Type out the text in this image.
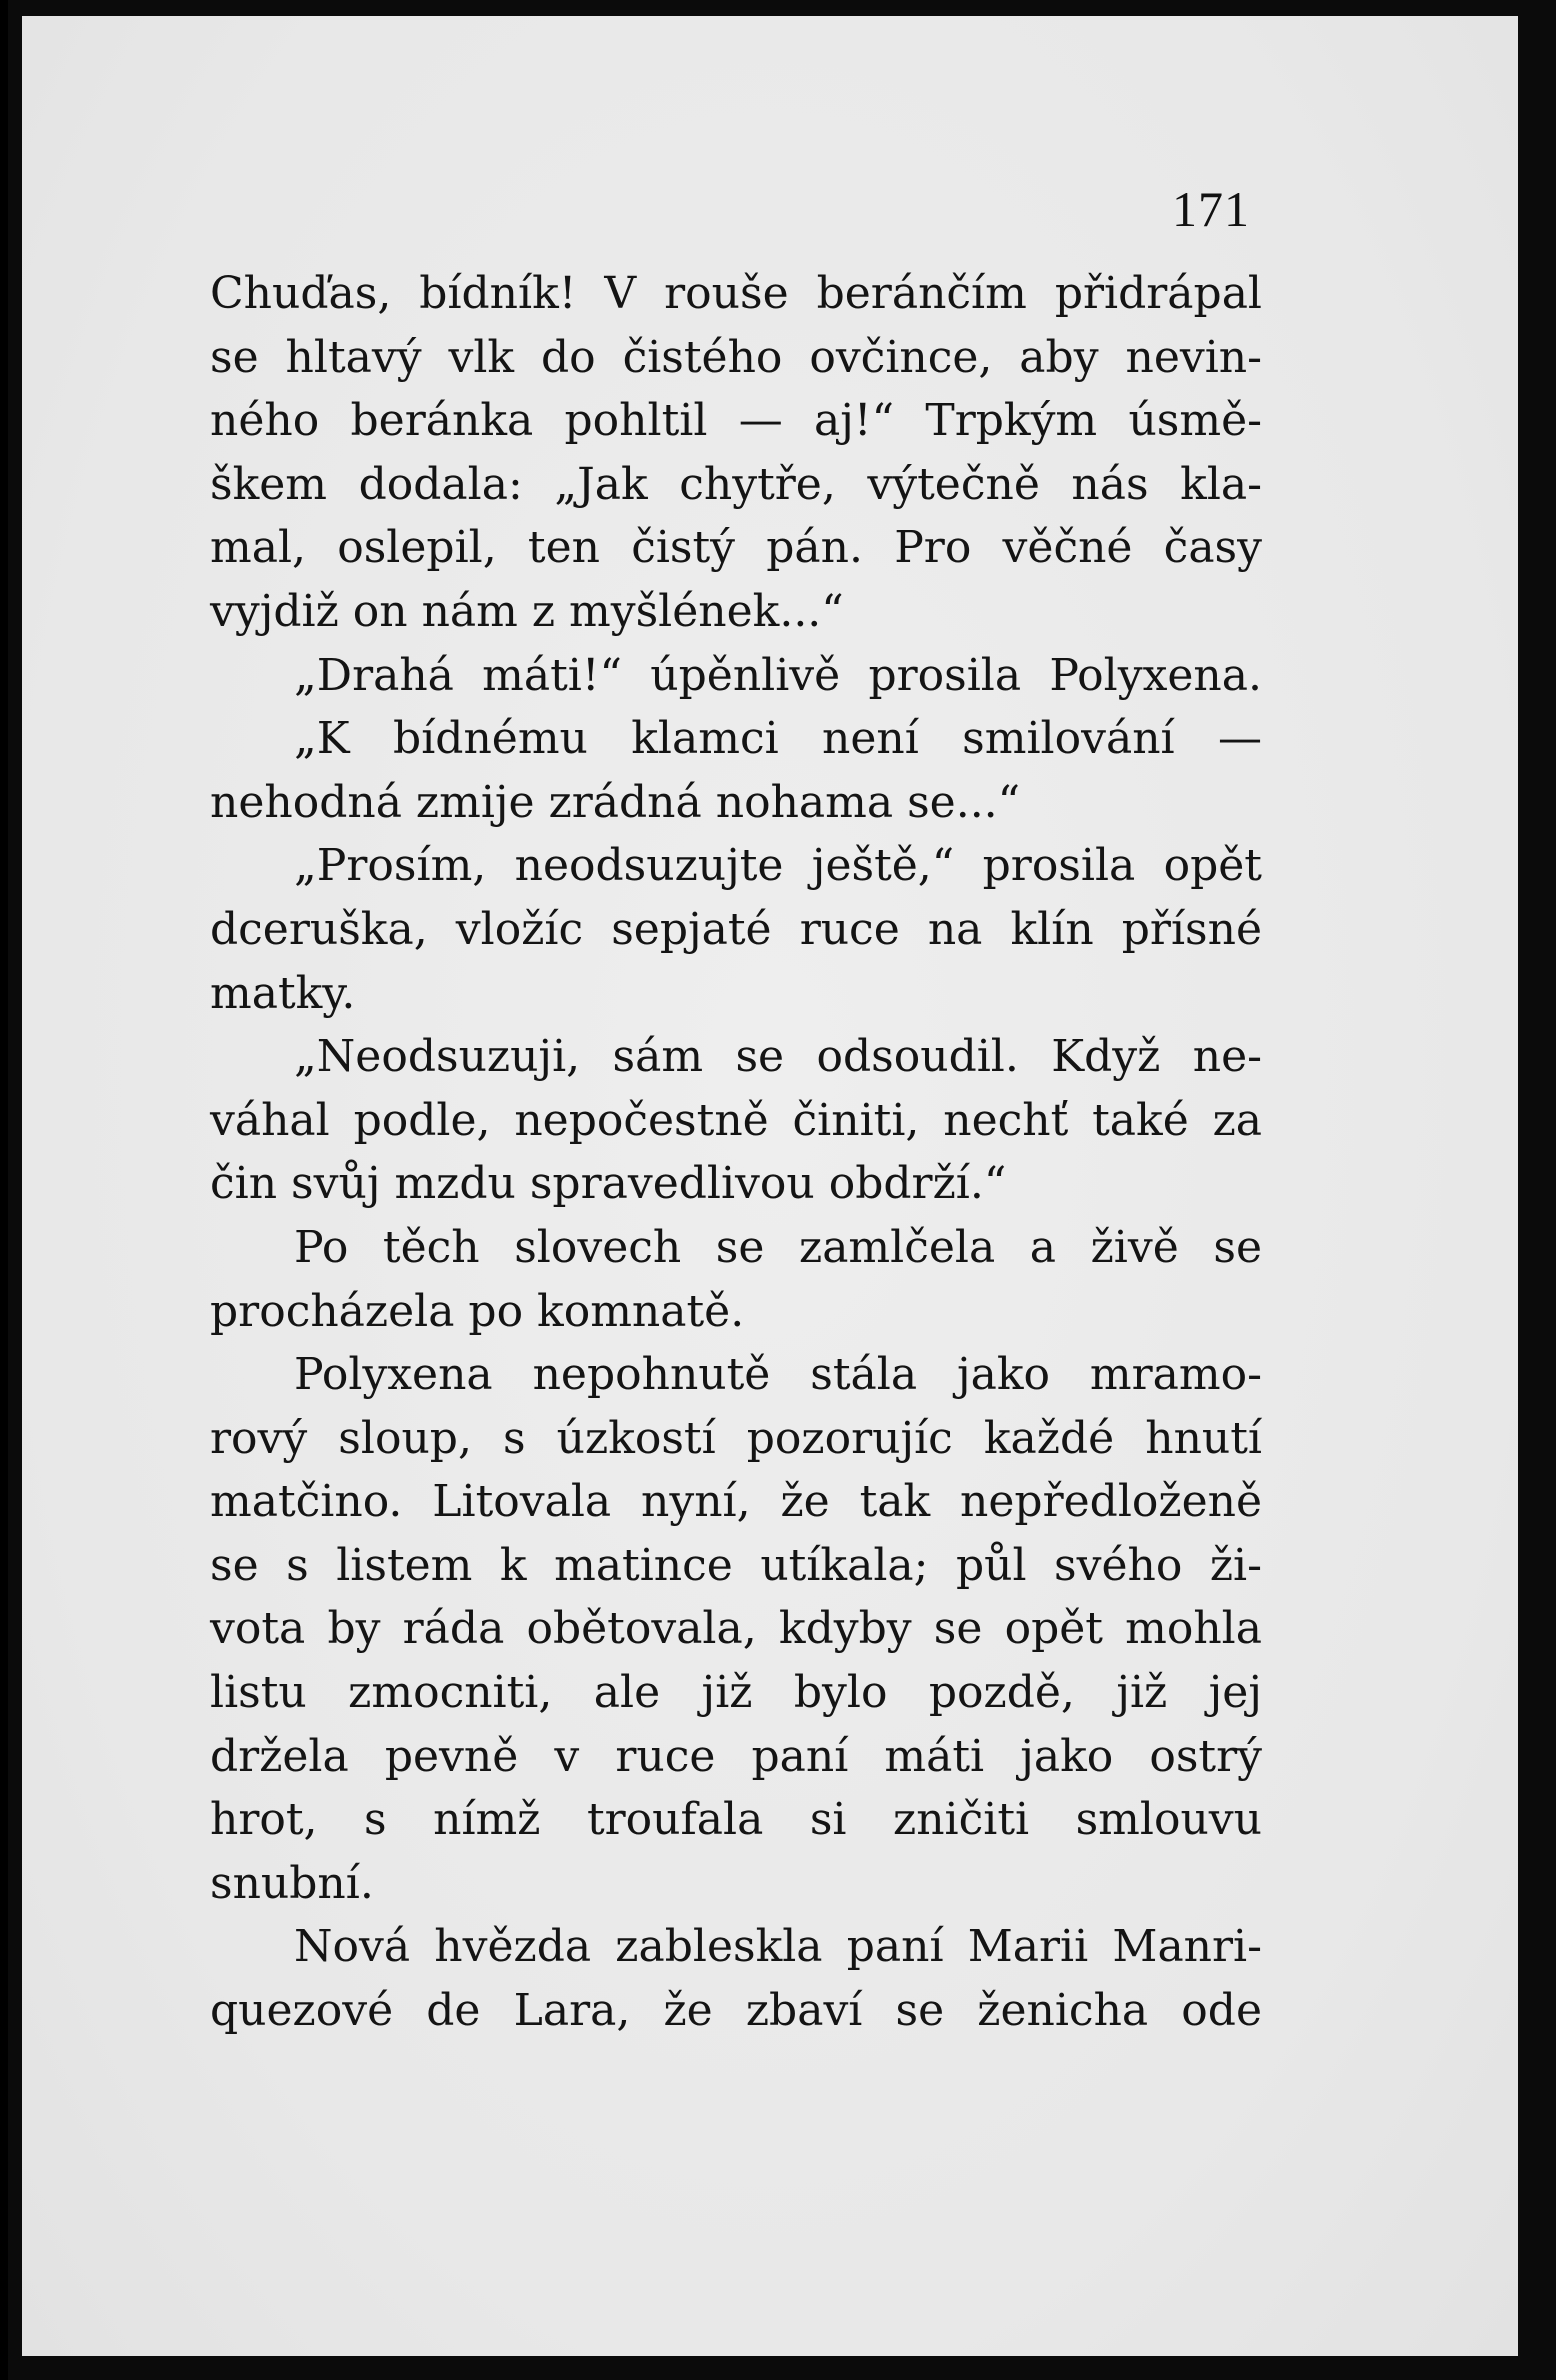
171
Chuďas, bídník! V rouše beránčím přidrápal
se hltavý vlk do čistého ovčince, aby nevin-
ného beránka pohltil — aj!“ Trpkým úsmě-
škem dodala: „Jak chytře, výtečně nás kla-
mal, oslepil, ten čistý pán. Pro věčné časy
vyjdiž on nám z myšlének...“
„Drahá máti!“ úpěnlivě prosila Polyxena.
„K bídnému klamci není smilování —
nehodná zmije zrádná nohama se...“
„Prosím, neodsuzujte ještě,“ prosila opět
dceruška, vložíc sepjaté ruce na klín přísné
matky.
„Neodsuzuji, sám se odsoudil. Když ne-
váhal podle, nepočestně činiti, nechť také za
čin svůj mzdu spravedlivou obdrží.“
Po těch slovech se zamlčela a živě se
procházela po komnatě.
Polyxena nepohnutě stála jako mramo-
rový sloup, s úzkostí pozorujíc každé hnutí
matčino. Litovala nyní, že tak nepředloženě
se s listem k matince utíkala; půl svého ži-
vota by ráda obětovala, kdyby se opět mohla
listu zmocniti, ale již bylo pozdě, již jej
držela pevně v ruce paní máti jako ostrý
hrot, s nímž troufala si zničiti smlouvu
snubní.
Nová hvězda zableskla paní Marii Manri-
quezové de Lara, že zbaví se ženicha ode
